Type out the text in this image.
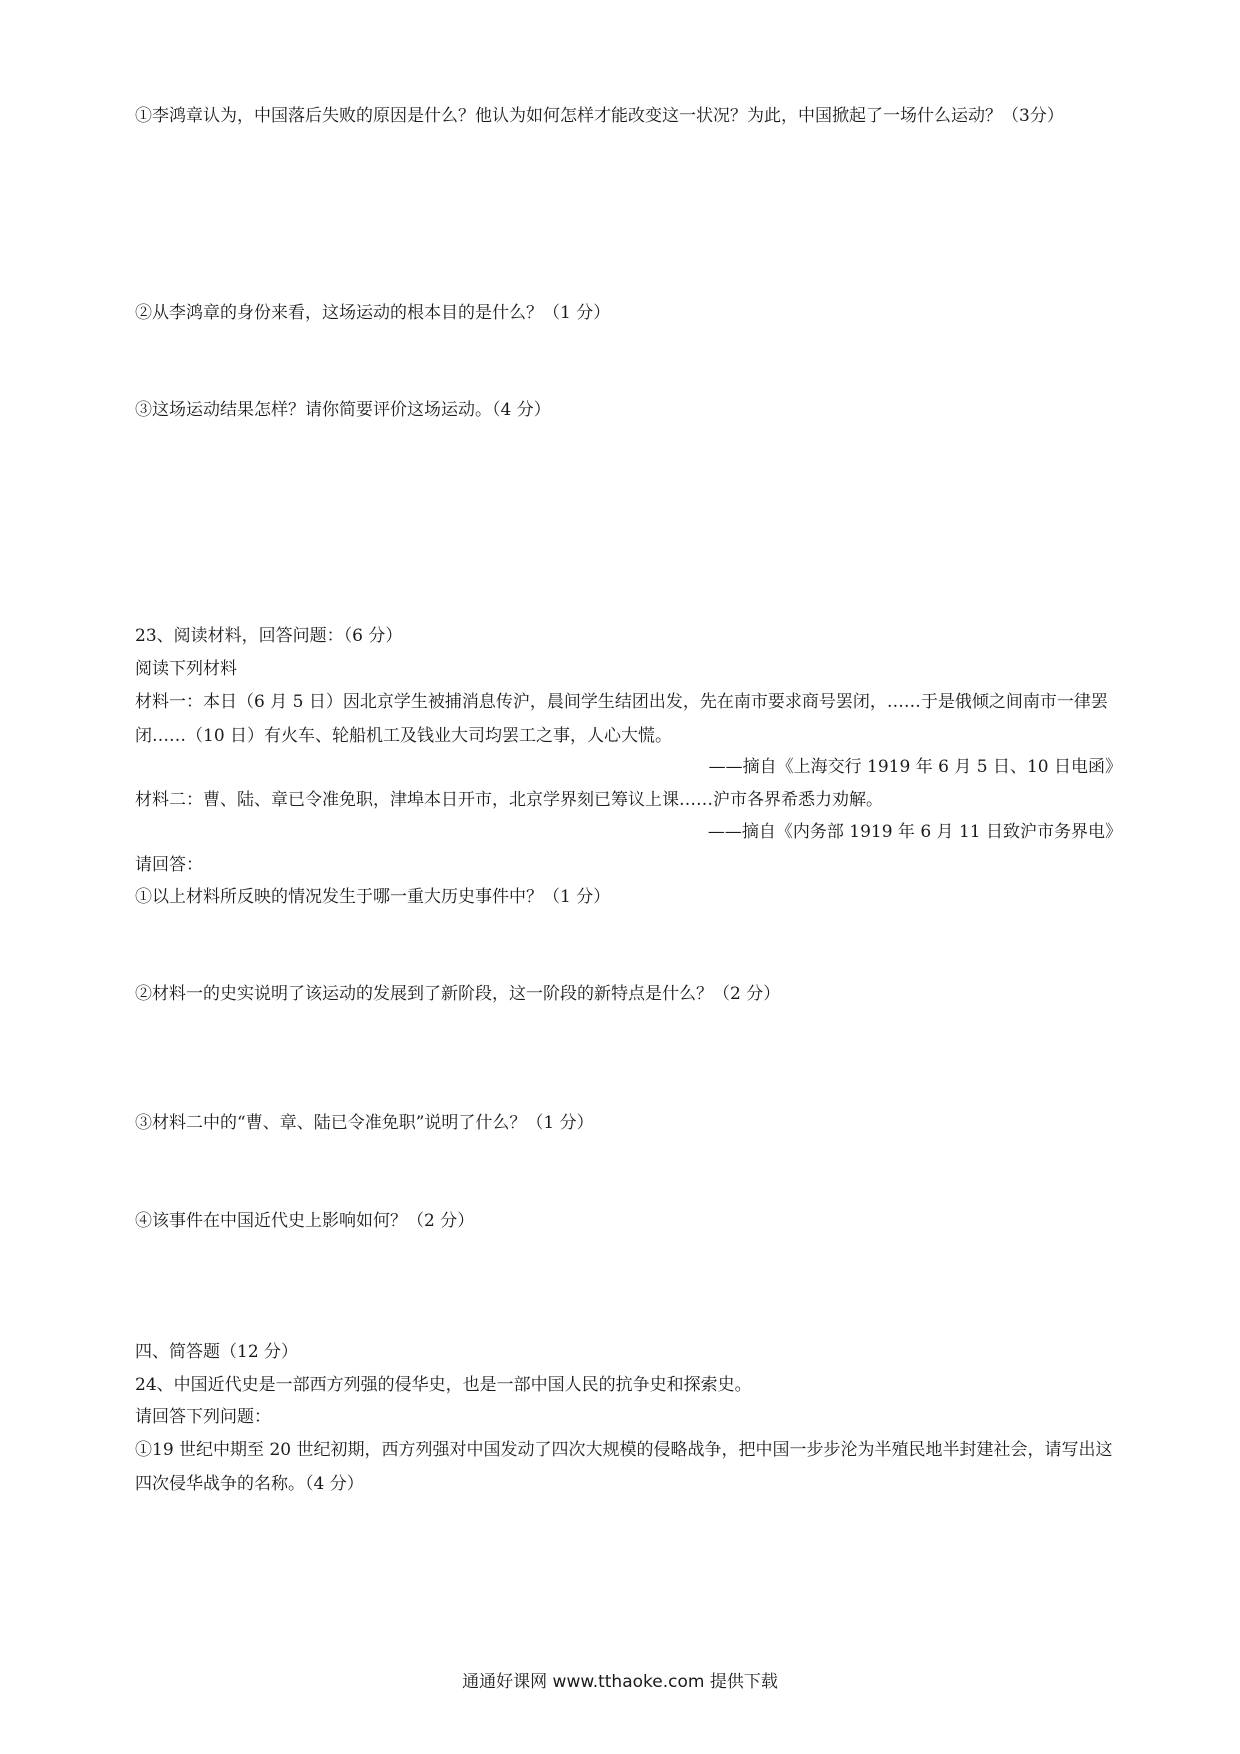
①李鸿章认为，中国落后失败的原因是什么？他认为如何怎样才能改变这一状况？为此，中国掀起了一场什么运动？（3分）
②从李鸿章的身份来看，这场运动的根本目的是什么？（1 分）
③这场运动结果怎样？请你简要评价这场运动。（4 分）
23、阅读材料，回答问题：（6 分）
阅读下列材料
材料一：本日（6 月 5 日）因北京学生被捕消息传沪，晨间学生结团出发，先在南市要求商号罢闭，……于是俄倾之间南市一律罢闭……（10 日）有火车、轮船机工及钱业大司均罢工之事，人心大慌。
——摘自《上海交行 1919 年 6 月 5 日、10 日电函》
材料二：曹、陆、章已令准免职，津埠本日开市，北京学界刻已筹议上课……沪市各界希悉力劝解。
——摘自《内务部 1919 年 6 月 11 日致沪市务界电》
请回答：
①以上材料所反映的情况发生于哪一重大历史事件中？（1 分）
②材料一的史实说明了该运动的发展到了新阶段，这一阶段的新特点是什么？（2 分）
③材料二中的“曹、章、陆已令准免职”说明了什么？（1 分）
④该事件在中国近代史上影响如何？（2 分）
四、简答题（12 分）
24、中国近代史是一部西方列强的侵华史，也是一部中国人民的抗争史和探索史。
请回答下列问题：
①19 世纪中期至 20 世纪初期，西方列强对中国发动了四次大规模的侵略战争，把中国一步步沦为半殖民地半封建社会，请写出这四次侵华战争的名称。（4 分）
通通好课网 www.tthaoke.com 提供下载
